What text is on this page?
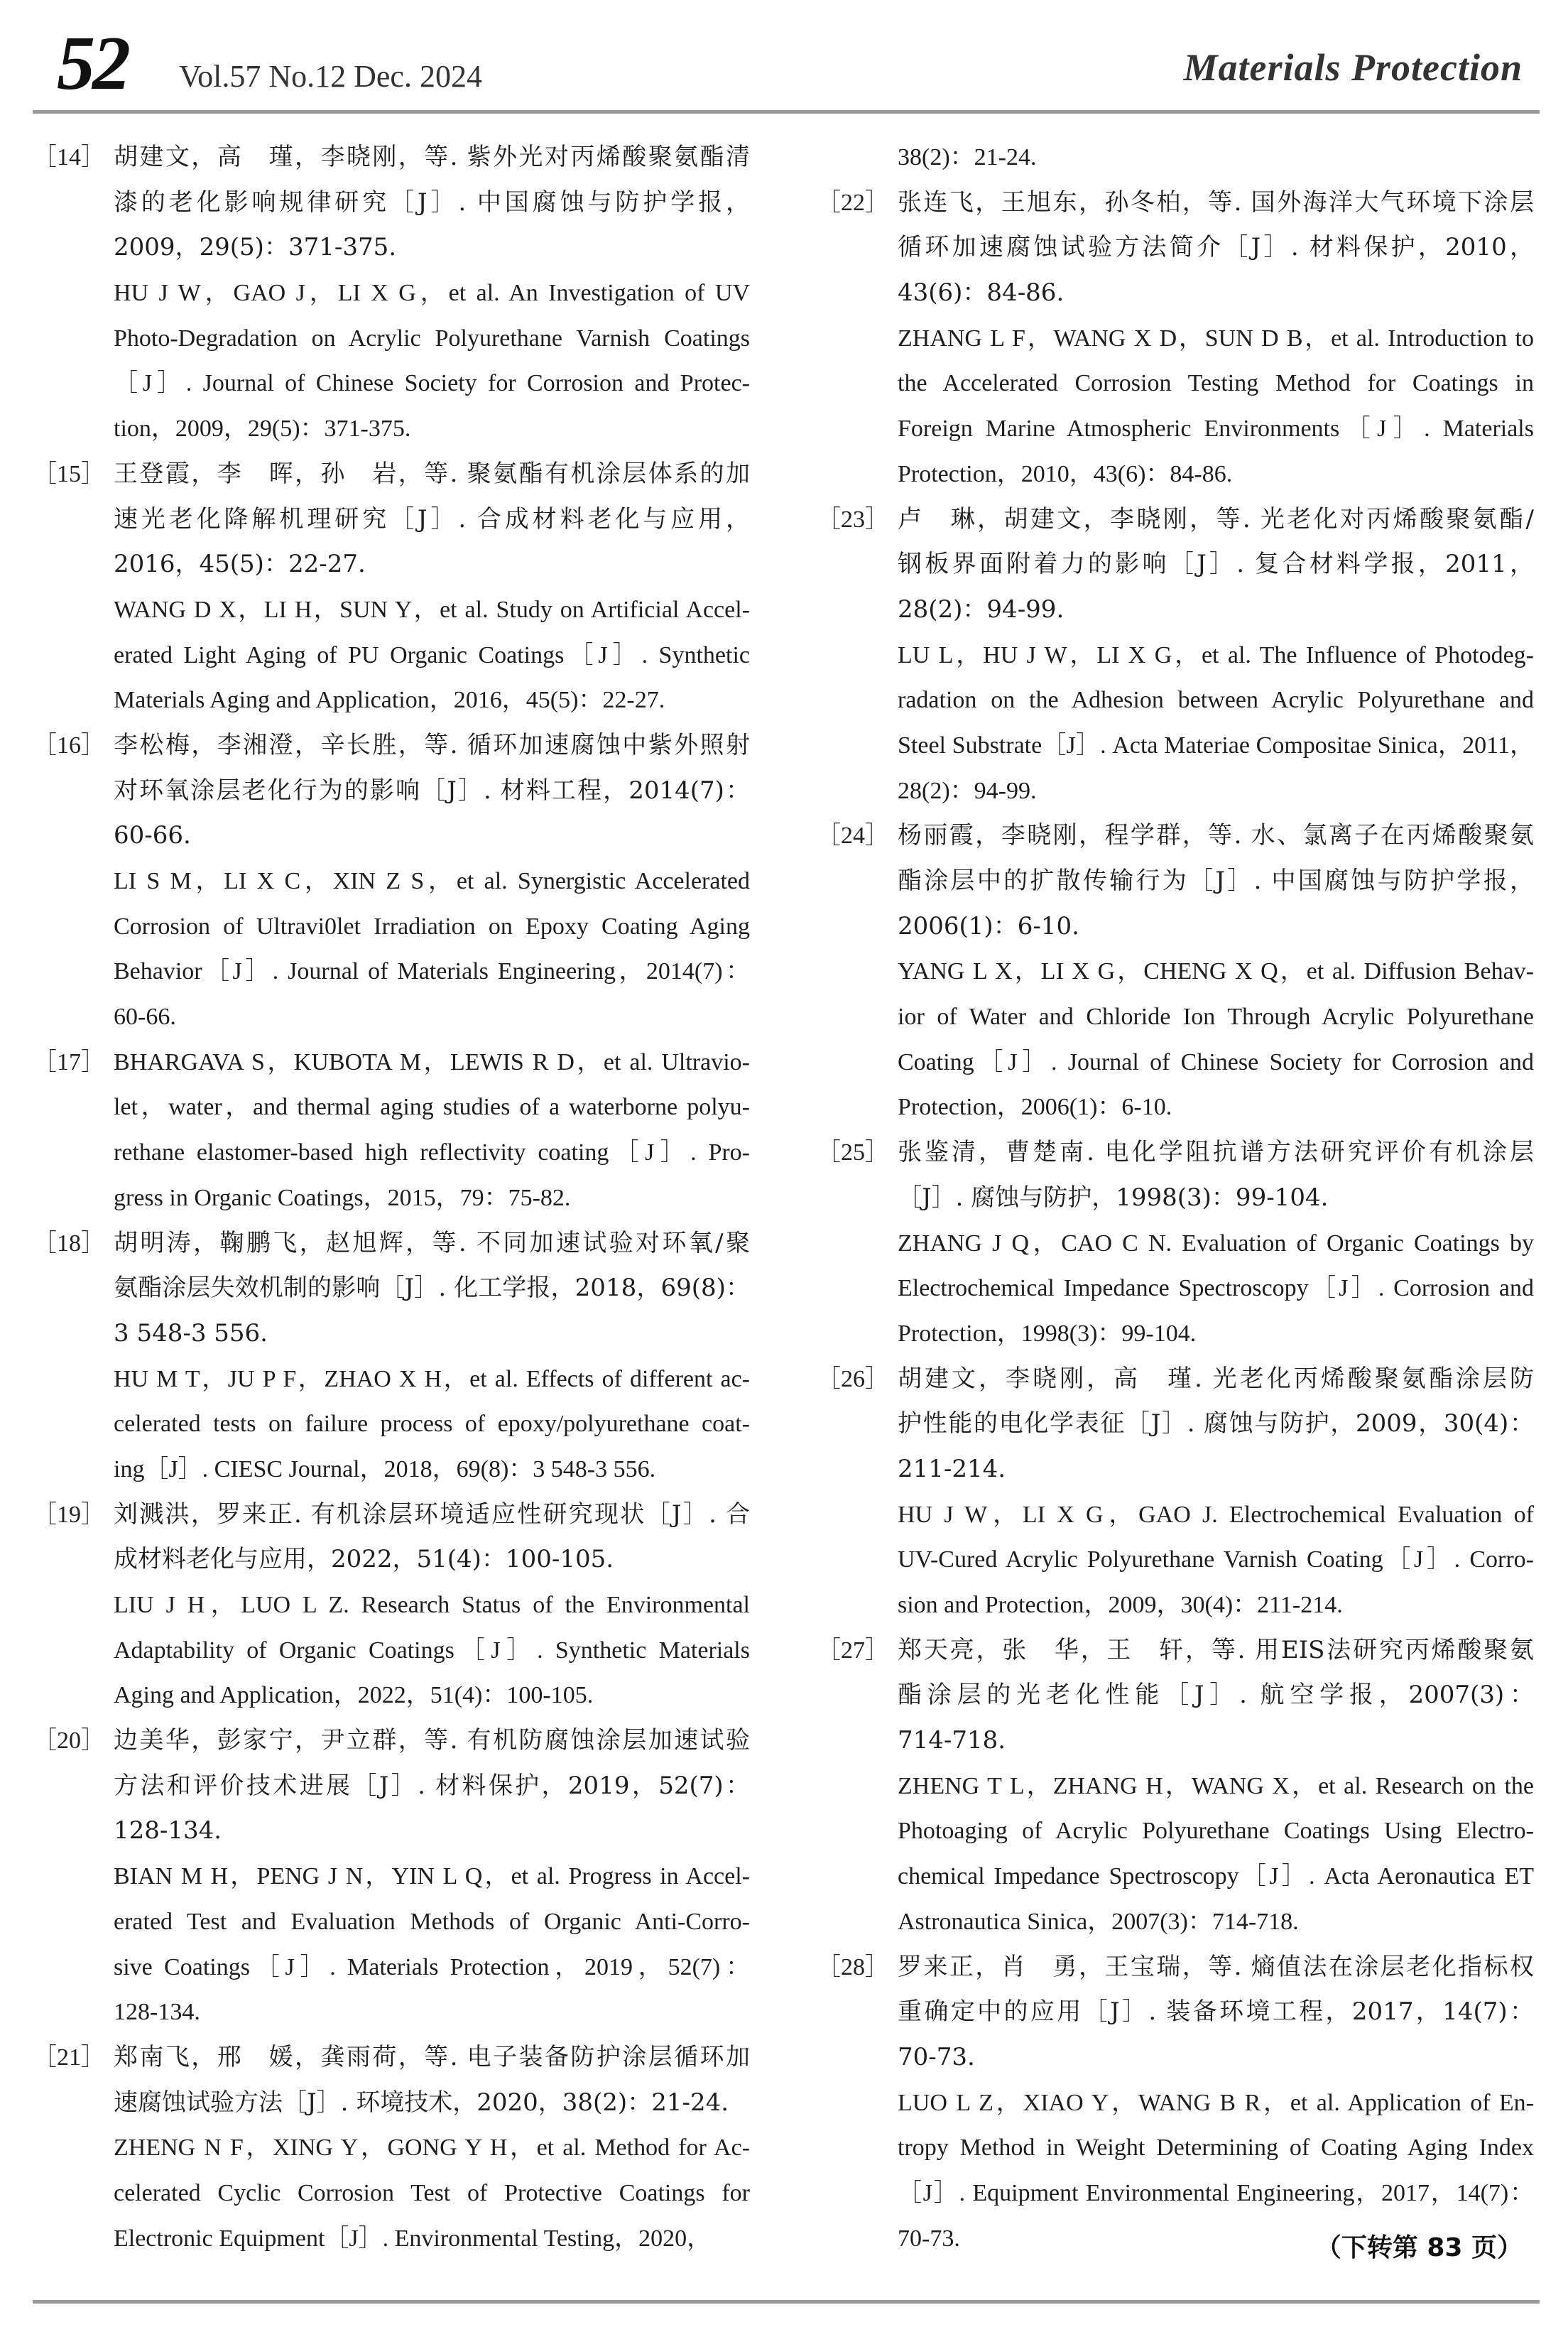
52 Vol.57 No.12 Dec. 2024	Materials Protection
［14］ 胡建文，高　瑾，李晓刚，等. 紫外光对丙烯酸聚氨酯清
漆的老化影响规律研究［J］. 中国腐蚀与防护学报，
2009，29(5)：371-375.
HU J W，GAO J，LI X G，et al. An Investigation of UV
Photo-Degradation on Acrylic Polyurethane Varnish Coatings
［J］. Journal of Chinese Society for Corrosion and Protec-
tion，2009，29(5)：371-375.
［15］ 王登霞，李　晖，孙　岩，等. 聚氨酯有机涂层体系的加
速光老化降解机理研究［J］. 合成材料老化与应用，
2016，45(5)：22-27.
WANG D X，LI H，SUN Y，et al. Study on Artificial Accel-
erated Light Aging of PU Organic Coatings［J］. Synthetic
Materials Aging and Application，2016，45(5)：22-27.
［16］ 李松梅，李湘澄，辛长胜，等. 循环加速腐蚀中紫外照射
对环氧涂层老化行为的影响［J］. 材料工程，2014(7)：
60-66.
LI S M，LI X C，XIN Z S，et al. Synergistic Accelerated
Corrosion of Ultravi0let Irradiation on Epoxy Coating Aging
Behavior［J］. Journal of Materials Engineering，2014(7)：
60-66.
［17］ BHARGAVA S，KUBOTA M，LEWIS R D，et al. Ultravio-
let，water，and thermal aging studies of a waterborne polyu-
rethane elastomer-based high reflectivity coating［J］. Pro-
gress in Organic Coatings，2015，79：75-82.
［18］ 胡明涛，鞠鹏飞，赵旭辉，等. 不同加速试验对环氧/聚
氨酯涂层失效机制的影响［J］. 化工学报，2018，69(8)：
3 548-3 556.
HU M T，JU P F，ZHAO X H，et al. Effects of different ac-
celerated tests on failure process of epoxy/polyurethane coat-
ing［J］. CIESC Journal，2018，69(8)：3 548-3 556.
［19］ 刘溅洪，罗来正. 有机涂层环境适应性研究现状［J］. 合
成材料老化与应用，2022，51(4)：100-105.
LIU J H，LUO L Z. Research Status of the Environmental
Adaptability of Organic Coatings［J］. Synthetic Materials
Aging and Application，2022，51(4)：100-105.
［20］ 边美华，彭家宁，尹立群，等. 有机防腐蚀涂层加速试验
方法和评价技术进展［J］. 材料保护，2019，52(7)：
128-134.
BIAN M H，PENG J N，YIN L Q，et al. Progress in Accel-
erated Test and Evaluation Methods of Organic Anti-Corro-
sive Coatings［J］. Materials Protection，2019，52(7)：
128-134.
［21］ 郑南飞，邢　媛，龚雨荷，等. 电子装备防护涂层循环加
速腐蚀试验方法［J］. 环境技术，2020，38(2)：21-24.
ZHENG N F，XING Y，GONG Y H，et al. Method for Ac-
celerated Cyclic Corrosion Test of Protective Coatings for
Electronic Equipment［J］. Environmental Testing，2020，
38(2)：21-24.
［22］ 张连飞，王旭东，孙冬柏，等. 国外海洋大气环境下涂层
循环加速腐蚀试验方法简介［J］. 材料保护，2010，
43(6)：84-86.
ZHANG L F，WANG X D，SUN D B，et al. Introduction to
the Accelerated Corrosion Testing Method for Coatings in
Foreign Marine Atmospheric Environments［J］. Materials
Protection，2010，43(6)：84-86.
［23］ 卢　琳，胡建文，李晓刚，等. 光老化对丙烯酸聚氨酯/
钢板界面附着力的影响［J］. 复合材料学报，2011，
28(2)：94-99.
LU L，HU J W，LI X G，et al. The Influence of Photodeg-
radation on the Adhesion between Acrylic Polyurethane and
Steel Substrate［J］. Acta Materiae Compositae Sinica，2011，
28(2)：94-99.
［24］ 杨丽霞，李晓刚，程学群，等. 水、氯离子在丙烯酸聚氨
酯涂层中的扩散传输行为［J］. 中国腐蚀与防护学报，
2006(1)：6-10.
YANG L X，LI X G，CHENG X Q，et al. Diffusion Behav-
ior of Water and Chloride Ion Through Acrylic Polyurethane
Coating［J］. Journal of Chinese Society for Corrosion and
Protection，2006(1)：6-10.
［25］ 张鉴清，曹楚南. 电化学阻抗谱方法研究评价有机涂层
［J］. 腐蚀与防护，1998(3)：99-104.
ZHANG J Q，CAO C N. Evaluation of Organic Coatings by
Electrochemical Impedance Spectroscopy［J］. Corrosion and
Protection，1998(3)：99-104.
［26］ 胡建文，李晓刚，高　瑾. 光老化丙烯酸聚氨酯涂层防
护性能的电化学表征［J］. 腐蚀与防护，2009，30(4)：
211-214.
HU J W，LI X G，GAO J. Electrochemical Evaluation of
UV-Cured Acrylic Polyurethane Varnish Coating［J］. Corro-
sion and Protection，2009，30(4)：211-214.
［27］ 郑天亮，张　华，王　轩，等. 用EIS法研究丙烯酸聚氨
酯涂层的光老化性能［J］. 航空学报，2007(3)：
714-718.
ZHENG T L，ZHANG H，WANG X，et al. Research on the
Photoaging of Acrylic Polyurethane Coatings Using Electro-
chemical Impedance Spectroscopy［J］. Acta Aeronautica ET
Astronautica Sinica，2007(3)：714-718.
［28］ 罗来正，肖　勇，王宝瑞，等. 熵值法在涂层老化指标权
重确定中的应用［J］. 装备环境工程，2017，14(7)：
70-73.
LUO L Z，XIAO Y，WANG B R，et al. Application of En-
tropy Method in Weight Determining of Coating Aging Index
［J］. Equipment Environmental Engineering，2017，14(7)：
70-73.	（下转第 83 页）
